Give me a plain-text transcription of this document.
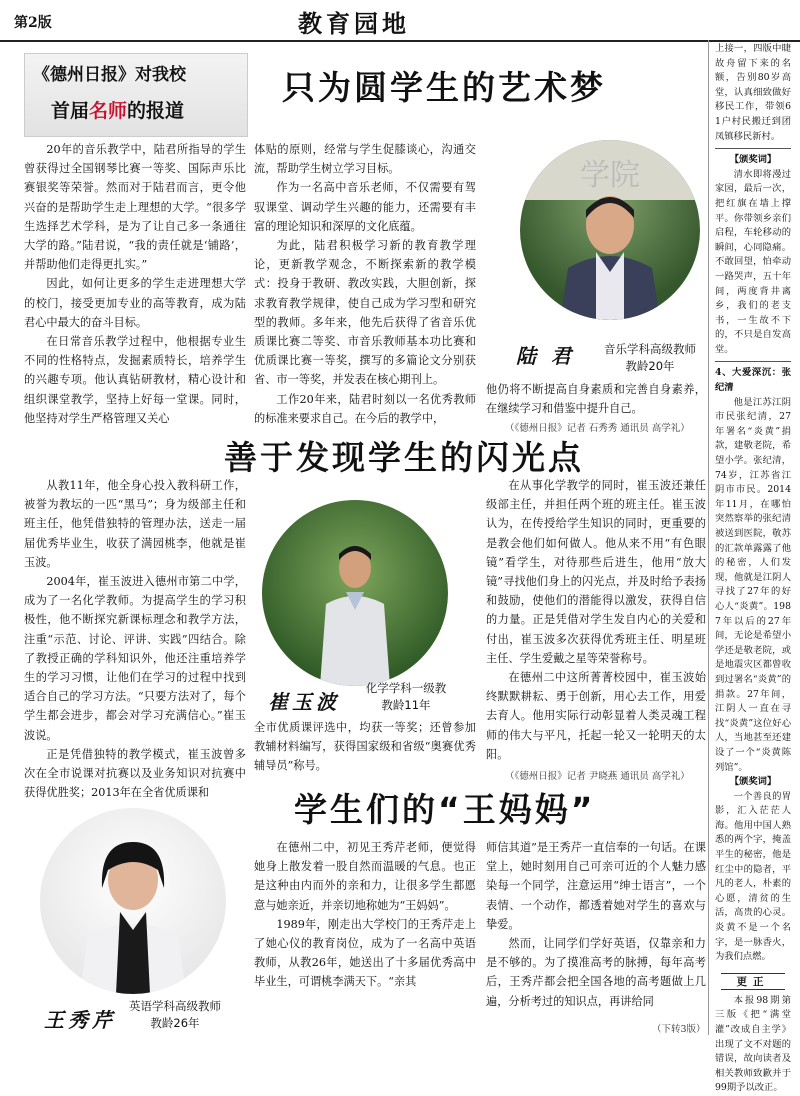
第2版	教育园地
《德州日报》对我校
首届名师的报道
只为圆学生的艺术梦

20年的音乐教学中，陆君所指导的学生曾获得过全国钢琴比赛一等奖、国际声乐比赛银奖等荣誉。然而对于陆君而言，更令他兴奋的是帮助学生走上理想的大学。“很多学生选择艺术学科，是为了让自己多一条通往大学的路。”陆君说，“我的责任就是‘铺路’，并帮助他们走得更扎实。”

因此，如何让更多的学生走进理想大学的校门，接受更加专业的高等教育，成为陆君心中最大的奋斗目标。

在日常音乐教学过程中，他根据专业生不同的性格特点，发掘素质特长，培养学生的兴趣专项。他认真钻研教材，精心设计和组织课堂教学，坚持上好每一堂课。同时，他坚持对学生严格管理又关心

体贴的原则，经常与学生促膝谈心，沟通交流，帮助学生树立学习目标。

作为一名高中音乐老师，不仅需要有驾驭课堂、调动学生兴趣的能力，还需要有丰富的理论知识和深厚的文化底蕴。

为此，陆君积极学习新的教育教学理论，更新教学观念，不断探索新的教学模式：投身于教研、教改实践，大胆创新，探求教育教学规律，使自己成为学习型和研究型的教师。多年来，他先后获得了省音乐优质课比赛二等奖、市音乐教师基本功比赛和优质课比赛一等奖，撰写的多篇论文分别获省、市一等奖，并发表在核心期刊上。

工作20年来，陆君时刻以一名优秀教师的标准来要求自己。在今后的教学中，

学院
陆 君	音乐学科高级教师
教龄20年

他仍将不断提高自身素质和完善自身素养，在继续学习和借鉴中提升自己。

（《德州日报》记者 石秀秀 通讯员 高学礼）
善于发现学生的闪光点

从教11年，他全身心投入教科研工作，被誉为教坛的一匹“黑马”；身为级部主任和班主任，他凭借独特的管理办法，送走一届届优秀毕业生，收获了满园桃李，他就是崔玉波。

2004年，崔玉波进入德州市第二中学，成为了一名化学教师。为提高学生的学习积极性，他不断探究新课标理念和教学方法，注重“示范、讨论、评讲、实践”四结合。除了教授正确的学科知识外，他还注重培养学生的学习习惯，让他们在学习的过程中找到适合自己的学习方法。“只要方法对了，每个学生都会进步，都会对学习充满信心。”崔玉波说。

正是凭借独特的教学模式，崔玉波曾多次在全市说课对抗赛以及业务知识对抗赛中获得优胜奖；2013年在全省优质课和

崔玉波
化学学科一级教
教龄11年

全市优质课评选中，均获一等奖；还曾参加教辅材料编写，获得国家级和省级“奥赛优秀辅导员”称号。

在从事化学教学的同时，崔玉波还兼任级部主任，并担任两个班的班主任。崔玉波认为，在传授给学生知识的同时，更重要的是教会他们如何做人。他从来不用“有色眼镜”看学生，对待那些后进生，他用“放大镜”寻找他们身上的闪光点，并及时给予表扬和鼓励，使他们的潜能得以激发，获得自信的力量。正是凭借对学生发自内心的关爱和付出，崔玉波多次获得优秀班主任、明星班主任、学生爱戴之星等荣誉称号。

在德州二中这所菁菁校园中，崔玉波始终默默耕耘、勇于创新，用心去工作，用爱去育人。他用实际行动彰显着人类灵魂工程师的伟大与平凡，托起一轮又一轮明天的太阳。

（《德州日报》记者 尹晓燕 通讯员 高学礼）
王秀芹
英语学科高级教师
教龄26年
学生们的“王妈妈”

在德州二中，初见王秀芹老师，便觉得她身上散发着一股自然而温暖的气息。也正是这种由内而外的亲和力，让很多学生都愿意与她亲近，并亲切地称她为“王妈妈”。

1989年，刚走出大学校门的王秀芹走上了她心仪的教育岗位，成为了一名高中英语教师，从教26年，她送出了十多届优秀高中毕业生，可谓桃李满天下。“亲其

师信其道”是王秀芹一直信奉的一句话。在课堂上，她时刻用自己可亲可近的个人魅力感染每一个同学，注意运用“绅士语言”，一个表情、一个动作，都透着她对学生的喜欢与挚爱。

然而，让同学们学好英语，仅靠亲和力是不够的。为了摸准高考的脉搏，每年高考后，王秀芹都会把全国各地的高考题做上几遍，分析考过的知识点，再讲给同

（下转3版）

上接一，四版中睫故舟留下来的名额，告别80岁高堂，认真细致做好移民工作，带领61户村民搬迁到团凤镇移民新村。

【颁奖词】

清水即将漫过家园，最后一次，把红旗在墙上撑平。你带领乡亲们启程，车轮移动的瞬间，心同隐痛。不敢回望，怕牵动一路哭声，五十年间，两度背井离乡，我们的老支书，一生故不下的，不只是自发高堂。

4、大爱深沉：张纪清

他是江苏江阴市民张纪清，27年署名“炎黄”捐款，建敬老院，希望小学。张纪清，74岁，江苏省江阴市市民。2014年11月，在哪怕突然察举的张纪清被送到医院，敬苏的汇款单露露了他的秘密，人们发现，他就是江阴人寻找了27年的好心人“炎黄”。1987年以后的27年间，无论是希望小学还是敬老院，或是地震灾区都曾收到过署名“炎黄”的捐款。27年间，江阴人一直在寻找“炎黄”这位好心人，当地甚至还建设了一个“炎黄陈列馆”。

【颁奖词】

一个善良的胃影，汇入茫茫人海。他用中国人熟悉的两个字，掩盖平生的秘密，他是红尘中的隐者，平凡的老人，朴素的心愿，清贫的生活，高贵的心灵。炎黄不是一个名字，是一脉香火，为我们点燃。

更正

本报98期第三版《把“满堂灌”改成自主学》出现了文不对题的错误，故向读者及相关教师致歉并于99期予以改正。
